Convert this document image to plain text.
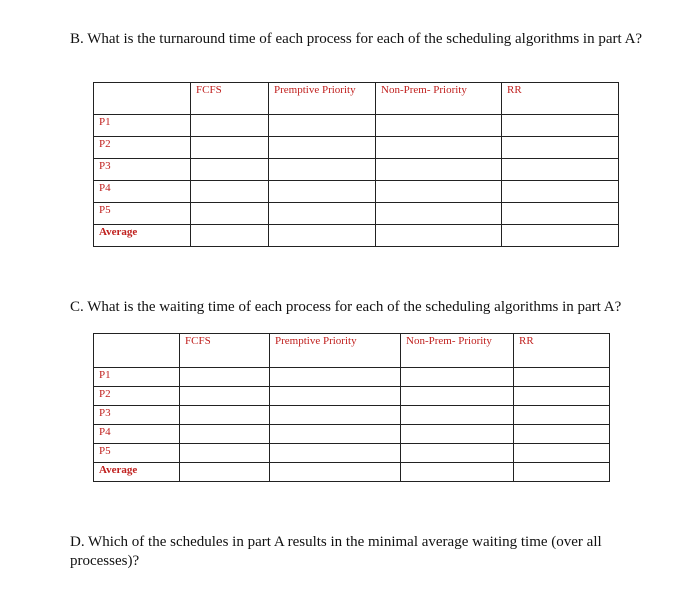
B. What is the turnaround time of each process for each of the scheduling algorithms in part A?

	FCFS	Premptive Priority	Non-Prem- Priority	RR
P1				
P2				
P3				
P4				
P5				
Average				

C. What is the waiting time of each process for each of the scheduling algorithms in part A?

	FCFS	Premptive Priority	Non-Prem- Priority	RR
P1				
P2				
P3				
P4				
P5				
Average				

D. Which of the schedules in part A results in the minimal average waiting time (over all processes)?
